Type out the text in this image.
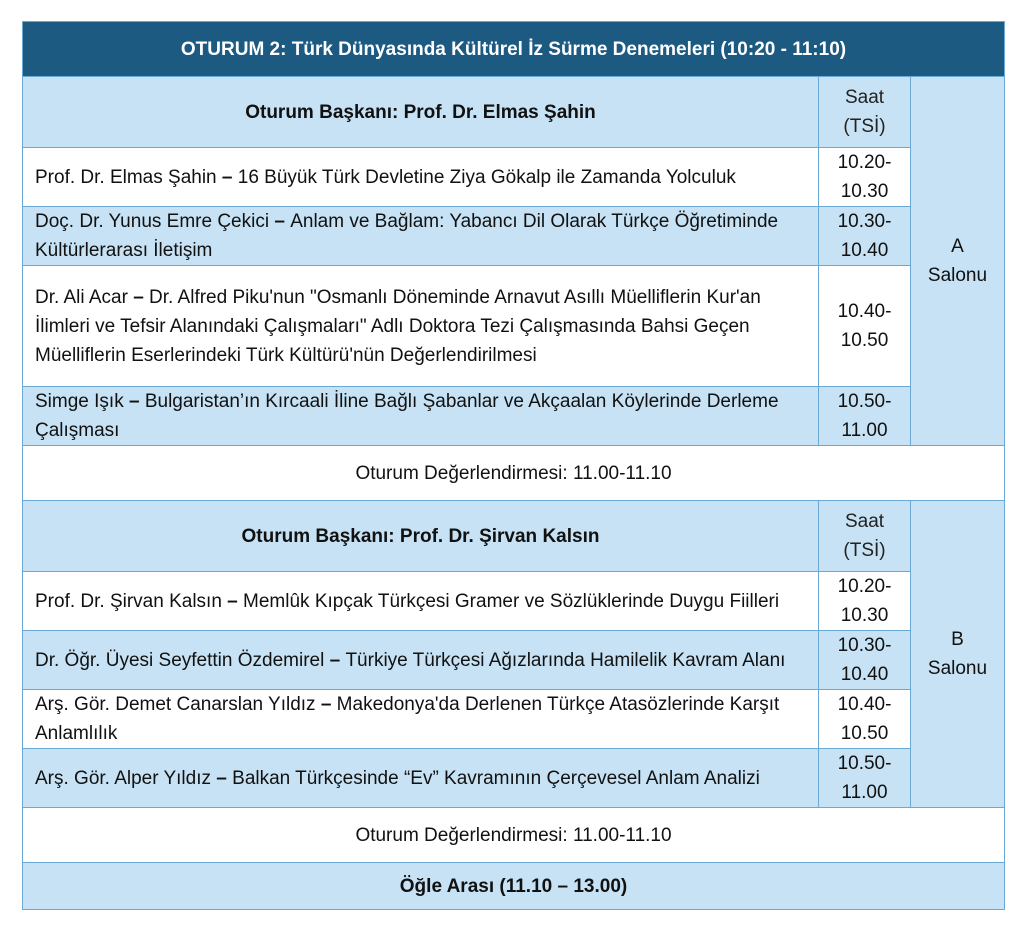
OTURUM 2: Türk Dünyasında Kültürel İz Sürme Denemeleri (10:20 - 11:10)		
Oturum Başkanı: Prof. Dr. Elmas Şahin	Saat
(TSİ)	A
Salonu
Prof. Dr. Elmas Şahin – 16 Büyük Türk Devletine Ziya Gökalp ile Zamanda Yolculuk	10.20-
10.30	
Doç. Dr. Yunus Emre Çekici – Anlam ve Bağlam: Yabancı Dil Olarak Türkçe Öğretiminde Kültürlerarası İletişim	10.30-
10.40	
Dr. Ali Acar – Dr. Alfred Piku'nun "Osmanlı Döneminde Arnavut Asıllı Müelliflerin Kur'an İlimleri ve Tefsir Alanındaki Çalışmaları" Adlı Doktora Tezi Çalışmasında Bahsi Geçen Müelliflerin Eserlerindeki Türk Kültürü'nün Değerlendirilmesi	10.40-
10.50	
Simge Işık – Bulgaristan’ın Kırcaali İline Bağlı Şabanlar ve Akçaalan Köylerinde Derleme Çalışması	10.50-
11.00	
Oturum Değerlendirmesi: 11.00-11.10		
Oturum Başkanı: Prof. Dr. Şirvan Kalsın	Saat
(TSİ)	B
Salonu
Prof. Dr. Şirvan Kalsın – Memlûk Kıpçak Türkçesi Gramer ve Sözlüklerinde Duygu Fiilleri	10.20-
10.30	
Dr. Öğr. Üyesi Seyfettin Özdemirel – Türkiye Türkçesi Ağızlarında Hamilelik Kavram Alanı	10.30-
10.40	
Arş. Gör. Demet Canarslan Yıldız – Makedonya'da Derlenen Türkçe Atasözlerinde Karşıt Anlamlılık	10.40-
10.50	
Arş. Gör. Alper Yıldız – Balkan Türkçesinde “Ev” Kavramının Çerçevesel Anlam Analizi	10.50-
11.00	
Oturum Değerlendirmesi: 11.00-11.10		
Öğle Arası (11.10 – 13.00)		
